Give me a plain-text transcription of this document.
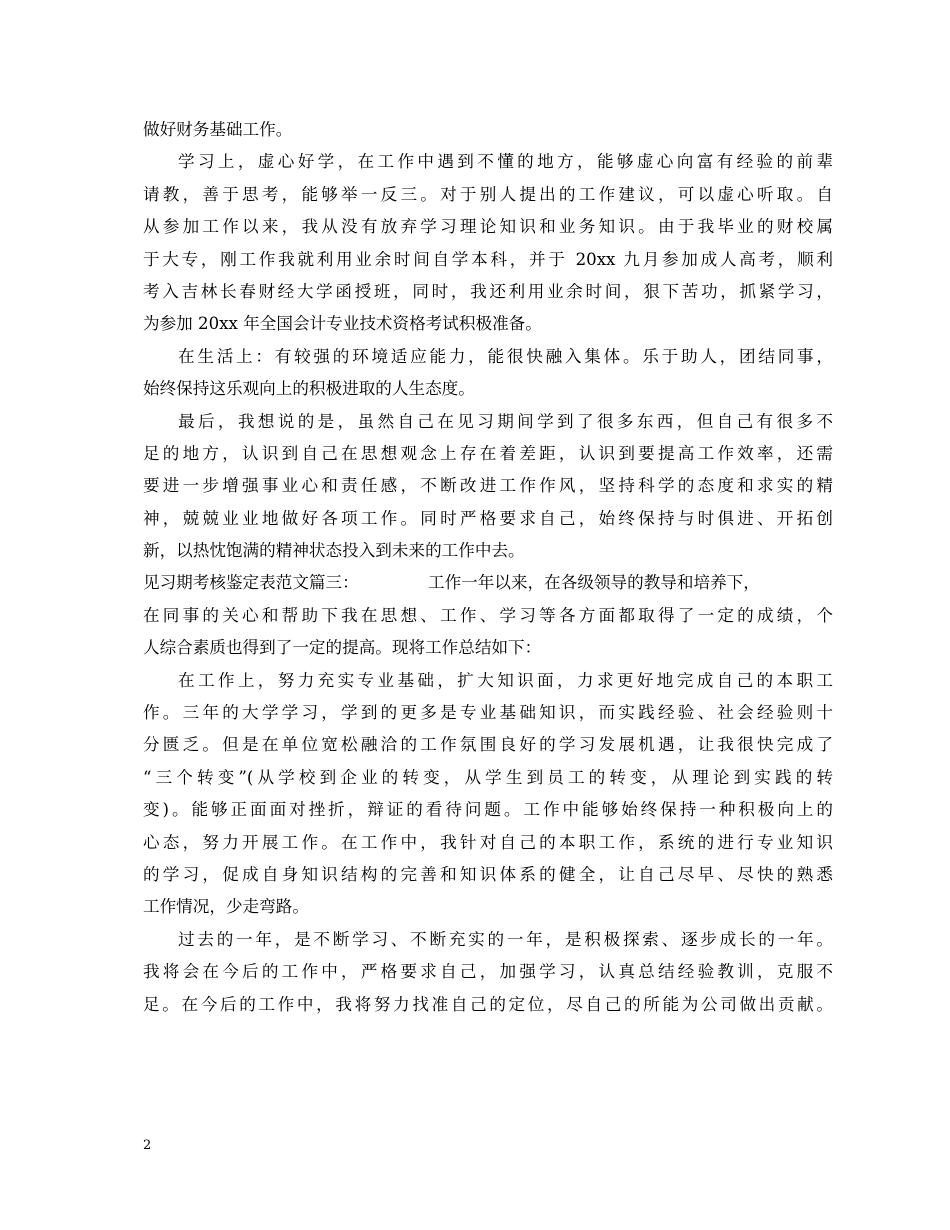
做好财务基础工作。
学习上，虚心好学，在工作中遇到不懂的地方，能够虚心向富有经验的前辈
请教，善于思考，能够举一反三。对于别人提出的工作建议，可以虚心听取。自
从参加工作以来，我从没有放弃学习理论知识和业务知识。由于我毕业的财校属
于大专，刚工作我就利用业余时间自学本科，并于 20xx 九月参加成人高考，顺利
考入吉林长春财经大学函授班，同时，我还利用业余时间，狠下苦功，抓紧学习，
为参加 20xx 年全国会计专业技术资格考试积极准备。
在生活上：有较强的环境适应能力，能很快融入集体。乐于助人，团结同事，
始终保持这乐观向上的积极进取的人生态度。
最后，我想说的是，虽然自己在见习期间学到了很多东西，但自己有很多不
足的地方，认识到自己在思想观念上存在着差距，认识到要提高工作效率，还需
要进一步增强事业心和责任感，不断改进工作作风，坚持科学的态度和求实的精
神，兢兢业业地做好各项工作。同时严格要求自己，始终保持与时俱进、开拓创
新，以热忱饱满的精神状态投入到未来的工作中去。
见习期考核鉴定表范文篇三：	工作一年以来，在各级领导的教导和培养下，
在同事的关心和帮助下我在思想、工作、学习等各方面都取得了一定的成绩，个
人综合素质也得到了一定的提高。现将工作总结如下：
在工作上，努力充实专业基础，扩大知识面，力求更好地完成自己的本职工
作。三年的大学学习，学到的更多是专业基础知识，而实践经验、社会经验则十
分匮乏。但是在单位宽松融洽的工作氛围良好的学习发展机遇，让我很快完成了
“三个转变”(从学校到企业的转变，从学生到员工的转变，从理论到实践的转
变)。能够正面面对挫折，辩证的看待问题。工作中能够始终保持一种积极向上的
心态，努力开展工作。在工作中，我针对自己的本职工作，系统的进行专业知识
的学习，促成自身知识结构的完善和知识体系的健全，让自己尽早、尽快的熟悉
工作情况，少走弯路。
过去的一年，是不断学习、不断充实的一年，是积极探索、逐步成长的一年。
我将会在今后的工作中，严格要求自己，加强学习，认真总结经验教训，克服不
足。在今后的工作中，我将努力找准自己的定位，尽自己的所能为公司做出贡献。
2
